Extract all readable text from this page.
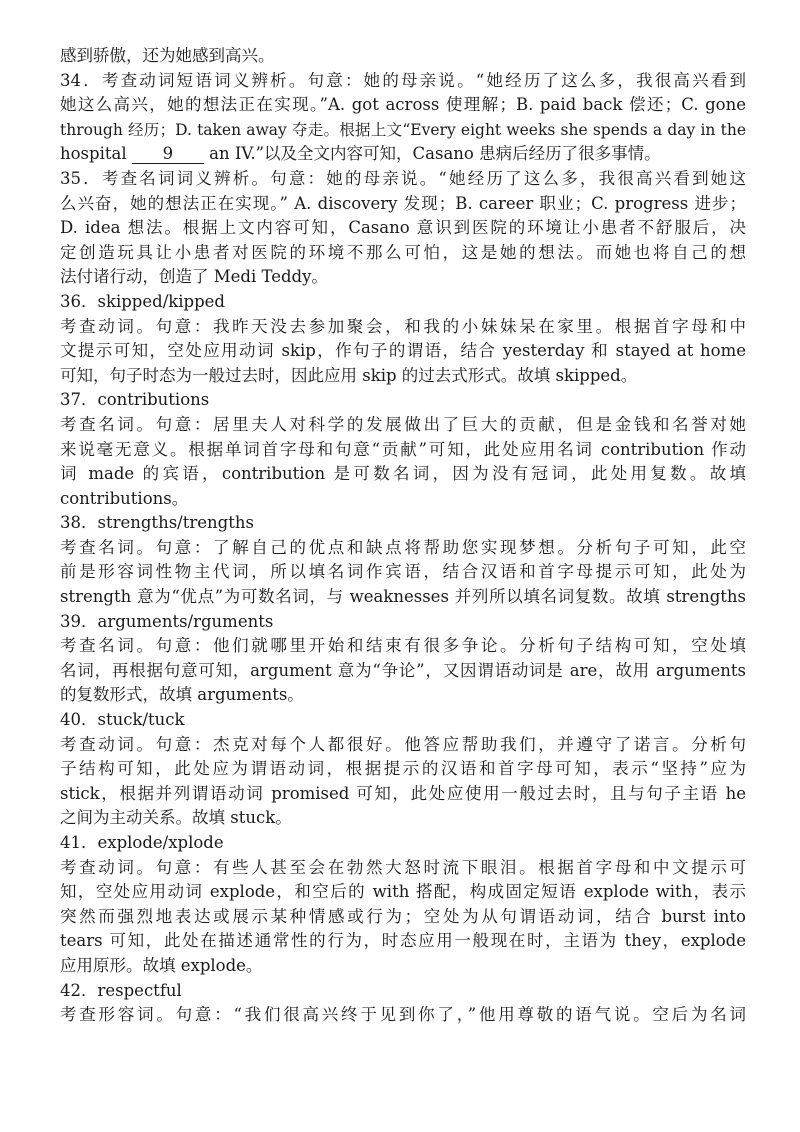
感到骄傲，还为她感到高兴。
34．考查动词短语词义辨析。句意：她的母亲说。“她经历了这么多，我很高兴看到
她这么高兴，她的想法正在实现。”A. got across 使理解；B. paid back 偿还；C. gone
through 经历；D. taken away 夺走。根据上文“Every eight weeks she spends a day in the
hospital 9 an IV.”以及全文内容可知，Casano 患病后经历了很多事情。
35．考查名词词义辨析。句意：她的母亲说。“她经历了这么多，我很高兴看到她这
么兴奋，她的想法正在实现。” A. discovery 发现；B. career 职业；C. progress 进步；
D. idea 想法。根据上文内容可知，Casano 意识到医院的环境让小患者不舒服后，决
定创造玩具让小患者对医院的环境不那么可怕，这是她的想法。而她也将自己的想
法付诸行动，创造了 Medi Teddy。
36．skipped/kipped
考查动词。句意：我昨天没去参加聚会，和我的小妹妹呆在家里。根据首字母和中
文提示可知，空处应用动词 skip，作句子的谓语，结合 yesterday 和 stayed at home
可知，句子时态为一般过去时，因此应用 skip 的过去式形式。故填 skipped。
37．contributions
考查名词。句意：居里夫人对科学的发展做出了巨大的贡献，但是金钱和名誉对她
来说毫无意义。根据单词首字母和句意“贡献”可知，此处应用名词 contribution 作动
词 made 的宾语，contribution 是可数名词，因为没有冠词，此处用复数。故填
contributions。
38．strengths/trengths
考查名词。句意：了解自己的优点和缺点将帮助您实现梦想。分析句子可知，此空
前是形容词性物主代词，所以填名词作宾语，结合汉语和首字母提示可知，此处为
strength 意为“优点”为可数名词，与 weaknesses 并列所以填名词复数。故填 strengths
39．arguments/rguments
考查名词。句意：他们就哪里开始和结束有很多争论。分析句子结构可知，空处填
名词，再根据句意可知，argument 意为“争论”，又因谓语动词是 are，故用 arguments
的复数形式，故填 arguments。
40．stuck/tuck
考查动词。句意：杰克对每个人都很好。他答应帮助我们，并遵守了诺言。分析句
子结构可知，此处应为谓语动词，根据提示的汉语和首字母可知，表示“坚持”应为
stick，根据并列谓语动词 promised 可知，此处应使用一般过去时，且与句子主语 he
之间为主动关系。故填 stuck。
41．explode/xplode
考查动词。句意：有些人甚至会在勃然大怒时流下眼泪。根据首字母和中文提示可
知，空处应用动词 explode，和空后的 with 搭配，构成固定短语 explode with，表示
突然而强烈地表达或展示某种情感或行为；空处为从句谓语动词，结合 burst into
tears 可知，此处在描述通常性的行为，时态应用一般现在时，主语为 they，explode
应用原形。故填 explode。
42．respectful
考查形容词。句意：“我们很高兴终于见到你了，”他用尊敬的语气说。空后为名词
